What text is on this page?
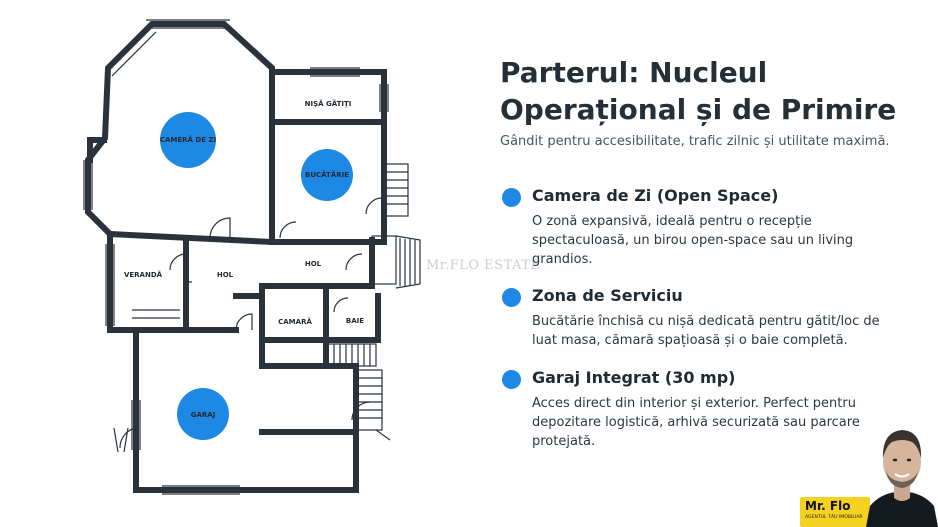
CAMERĂ DE ZI
NIȘĂ GĂTIȚI
BUCĂTĂRIE
VERANDĂ	HOL
HOL
CAMARĂ	BAIE
GARAJ
Mr.FLO ESTATE
Parterul: Nucleul
Operațional și de Primire
Gândit pentru accesibilitate, trafic zilnic și utilitate maximă.
Camera de Zi (Open Space)
O zonă expansivă, ideală pentru o recepție spectaculoasă, un birou open-space sau un living grandios.
Zona de Serviciu
Bucătărie închisă cu nișă dedicată pentru gătit/loc de luat masa, cămară spațioasă și o baie completă.
Garaj Integrat (30 mp)
Acces direct din interior și exterior. Perfect pentru depozitare logistică, arhivă securizată sau parcare protejată.
Mr. Flo
AGENTUL TĂU IMOBILIAR
